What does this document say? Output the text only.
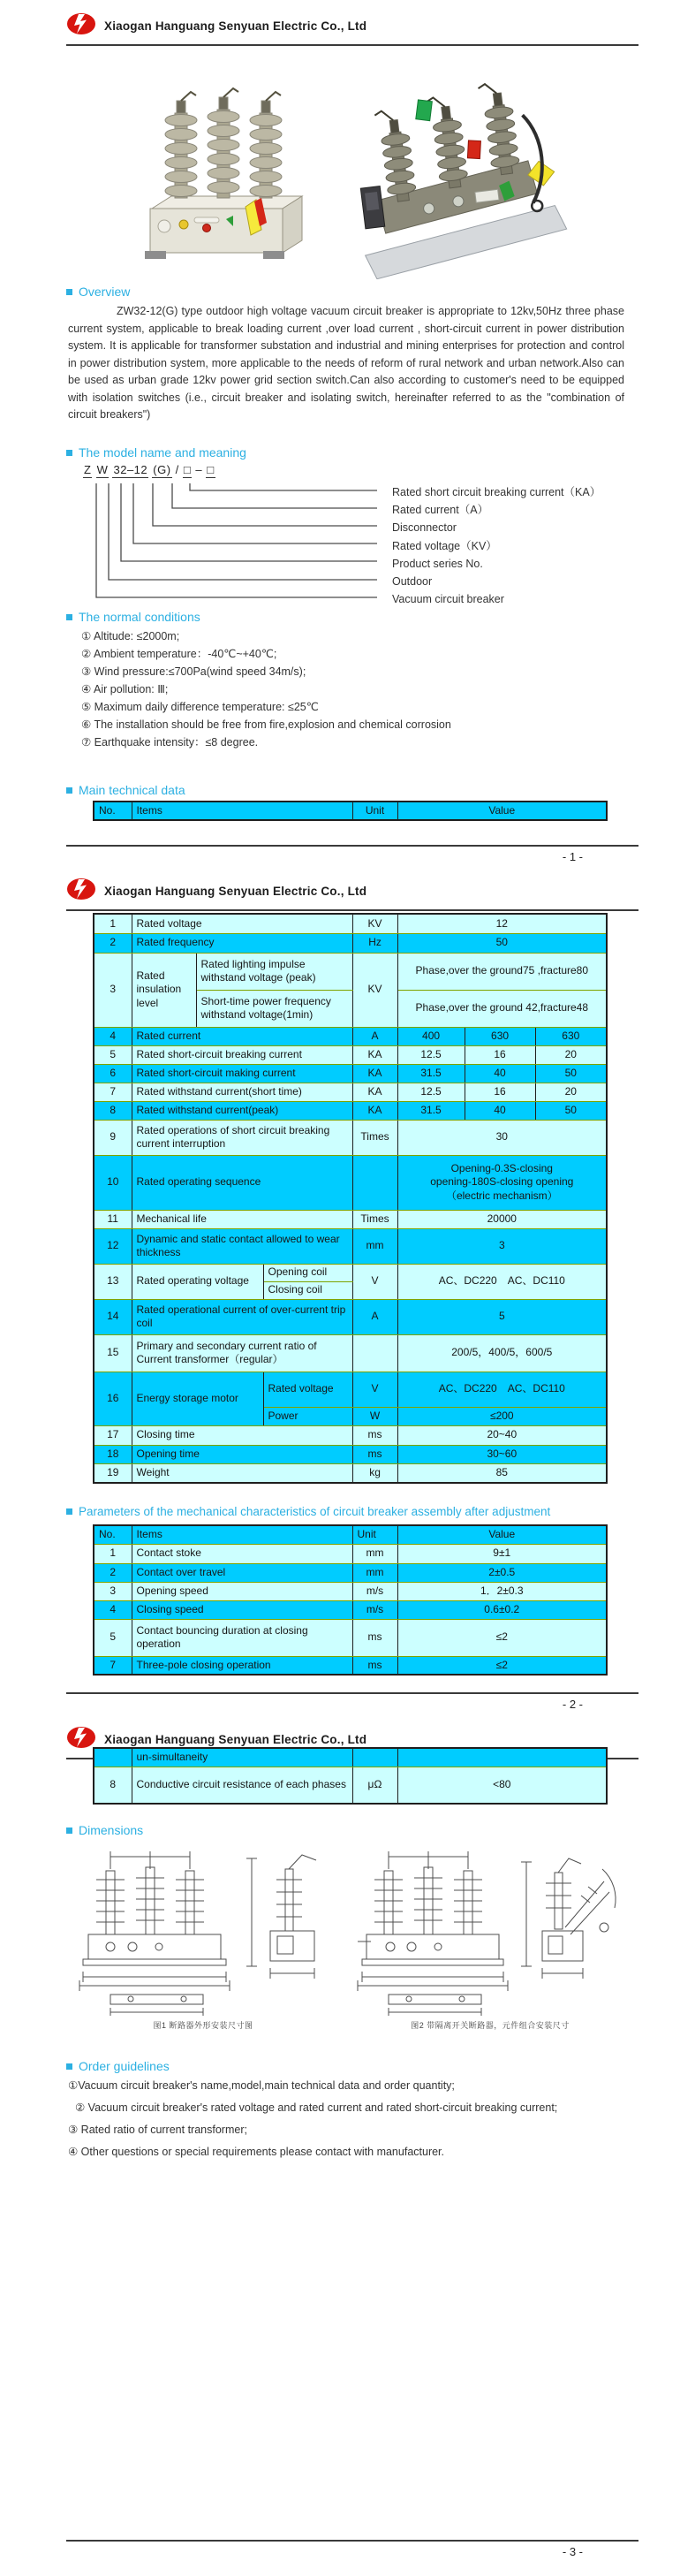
Xiaogan Hanguang Senyuan Electric Co., Ltd
Overview
ZW32-12(G) type outdoor high voltage vacuum circuit breaker is appropriate to 12kv,50Hz three phase current system, applicable to break loading current ,over load current , short-circuit current in power distribution system. It is applicable for transformer substation and industrial and mining enterprises for protection and control in power distribution system, more applicable to the needs of reform of rural network and urban network.Also can be used as urban grade 12kv power grid section switch.Can also according to customer's need to be equipped with isolation switches (i.e., circuit breaker and isolating switch, hereinafter referred to as the "combination of circuit breakers")
The model name and meaning
Z W 32–12 (G) / □ – □
Rated short circuit breaking current（KA）
Rated current（A）
Disconnector
Rated voltage（KV）
Product series No.
Outdoor
Vacuum circuit breaker
The normal conditions
① Altitude: ≤2000m;
② Ambient temperature：-40℃~+40℃;
③ Wind pressure:≤700Pa(wind speed 34m/s);
④ Air pollution: Ⅲ;
⑤ Maximum daily difference temperature: ≤25℃
⑥ The installation should be free from fire,explosion and chemical corrosion
⑦ Earthquake intensity：≤8 degree.
Main technical data
No.	Items	Unit	Value
- 1 -
Xiaogan Hanguang Senyuan Electric Co., Ltd
1	Rated voltage			KV	12		
2	Rated frequency			Hz	50		
3	Rated insulation level	Rated lighting impulse withstand voltage (peak)		KV	Phase,over the ground75 ,fracture80		
		Short-time power frequency withstand voltage(1min)			Phase,over the ground 42,fracture48		
4	Rated current			A	400	630	630
5	Rated short-circuit breaking current			KA	12.5	16	20
6	Rated short-circuit making current			KA	31.5	40	50
7	Rated withstand current(short time)			KA	12.5	16	20
8	Rated withstand current(peak)			KA	31.5	40	50
9	Rated operations of short circuit breaking current interruption			Times	30		
10	Rated operating sequence				Opening-0.3S-closing
opening-180S-closing opening
（electric mechanism）		

11	Mechanical life			Times	20000		
12	Dynamic and static contact allowed to wear thickness			mm	3		
13	Rated operating voltage		Opening coil	V	AC、DC220　AC、DC110		
			Closing coil				
14	Rated operational current of over-current trip coil			A	5		
15	Primary and secondary current ratio of Current transformer（regular）				200/5，400/5，600/5		
16	Energy storage motor		Rated voltage	V	AC、DC220　AC、DC110		
			Power	W	≤200		
17	Closing time			ms	20~40		
18	Opening time			ms	30~60		
19	Weight			kg	85		
Parameters of the mechanical characteristics of circuit breaker assembly after adjustment
No.	Items	Unit	Value
1	Contact stoke	mm	9±1
2	Contact over travel	mm	2±0.5
3	Opening speed	m/s	1．2±0.3
4	Closing speed	m/s	0.6±0.2
5	Contact bouncing duration at closing operation	ms	≤2
7	Three-pole closing operation	ms	≤2
- 2 -
Xiaogan Hanguang Senyuan Electric Co., Ltd
	un-simultaneity		
8	Conductive circuit resistance of each phases	μΩ	<80
Dimensions
图1 断路器外形安装尺寸图	图2 带隔离开关断路器，元件组合安装尺寸
Order guidelines
①Vacuum circuit breaker's name,model,main technical data and order quantity;
② Vacuum circuit breaker's rated voltage and rated current and rated short-circuit breaking current;
③ Rated ratio of current transformer;
④ Other questions or special requirements please contact with manufacturer.
- 3 -
